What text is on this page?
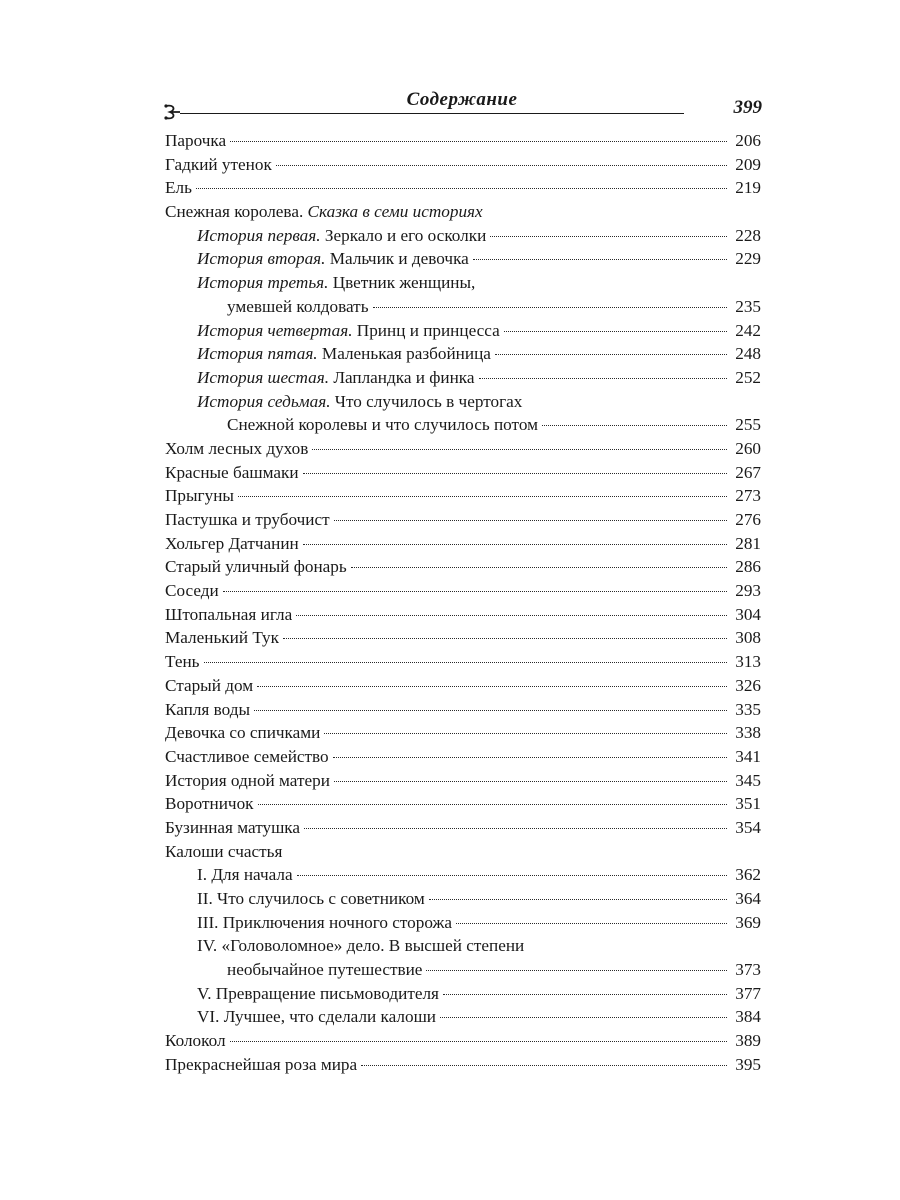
Содержание	399
Парочка	206
Гадкий утенок	209
Ель	219
Снежная королева. Сказка в семи историях
История первая. Зеркало и его осколки	228
История вторая. Мальчик и девочка	229
История третья. Цветник женщины,
умевшей колдовать	235
История четвертая. Принц и принцесса	242
История пятая. Маленькая разбойница	248
История шестая. Лапландка и финка	252
История седьмая. Что случилось в чертогах
Снежной королевы и что случилось потом	255
Холм лесных духов	260
Красные башмаки	267
Прыгуны	273
Пастушка и трубочист	276
Хольгер Датчанин	281
Старый уличный фонарь	286
Соседи	293
Штопальная игла	304
Маленький Тук	308
Тень	313
Старый дом	326
Капля воды	335
Девочка со спичками	338
Счастливое семейство	341
История одной матери	345
Воротничок	351
Бузинная матушка	354
Калоши счастья
I. Для начала	362
II. Что случилось с советником	364
III. Приключения ночного сторожа	369
IV. «Головоломное» дело. В высшей степени
необычайное путешествие	373
V. Превращение письмоводителя	377
VI. Лучшее, что сделали калоши	384
Колокол	389
Прекраснейшая роза мира	395
